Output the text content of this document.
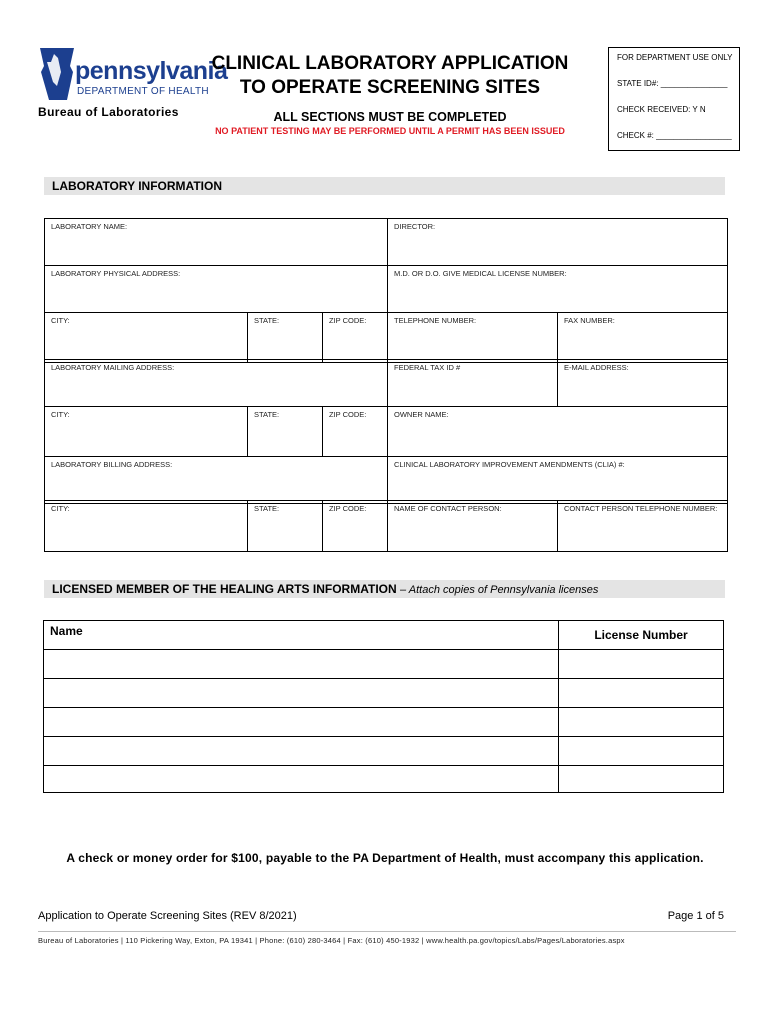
pennsylvania
DEPARTMENT OF HEALTH
Bureau of Laboratories
CLINICAL LABORATORY APPLICATION
TO OPERATE SCREENING SITES
ALL SECTIONS MUST BE COMPLETED
NO PATIENT TESTING MAY BE PERFORMED UNTIL A PERMIT HAS BEEN ISSUED
FOR DEPARTMENT USE ONLY
STATE ID#: _______________
CHECK RECEIVED: Y N
CHECK #: _________________
LABORATORY INFORMATION
LABORATORY NAME:	DIRECTOR:
LABORATORY PHYSICAL ADDRESS:	M.D. OR D.O. GIVE MEDICAL LICENSE NUMBER:
CITY:	STATE:	ZIP CODE:	TELEPHONE NUMBER:	FAX NUMBER:
LABORATORY MAILING ADDRESS:	FEDERAL TAX ID #	E-MAIL ADDRESS:
CITY:	STATE:	ZIP CODE:	OWNER NAME:
LABORATORY BILLING ADDRESS:	CLINICAL LABORATORY IMPROVEMENT AMENDMENTS (CLIA) #:
CITY:	STATE:	ZIP CODE:	NAME OF CONTACT PERSON:	CONTACT PERSON TELEPHONE NUMBER:
LICENSED MEMBER OF THE HEALING ARTS INFORMATION – Attach copies of Pennsylvania licenses
Name	License Number
A check or money order for $100, payable to the PA Department of Health, must accompany this application.
Application to Operate Screening Sites (REV 8/2021)	Page 1 of 5
Bureau of Laboratories | 110 Pickering Way, Exton, PA 19341 | Phone: (610) 280-3464 | Fax: (610) 450-1932 | www.health.pa.gov/topics/Labs/Pages/Laboratories.aspx
